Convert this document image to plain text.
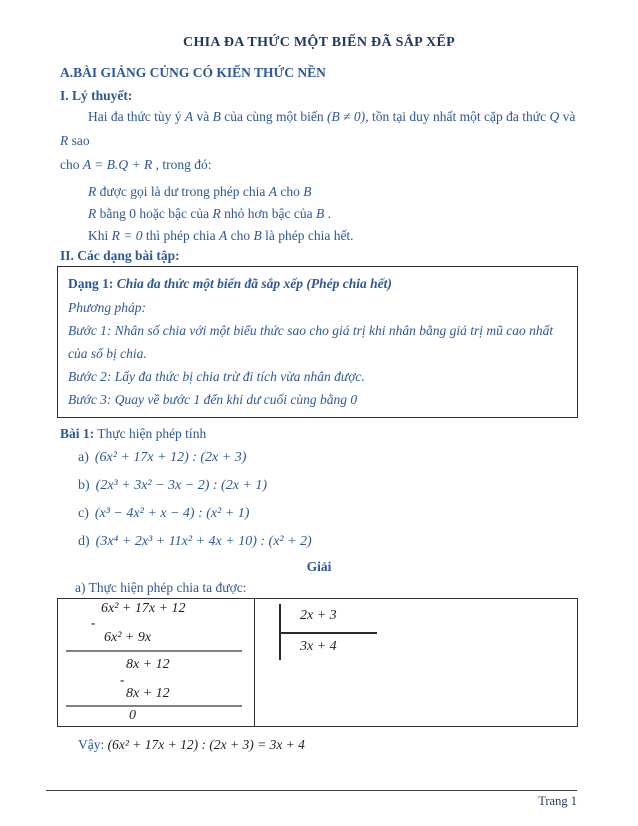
CHIA ĐA THỨC MỘT BIẾN ĐÃ SẮP XẾP
A.BÀI GIẢNG CỦNG CÓ KIẾN THỨC NỀN
I. Lý thuyết:

Hai đa thức tùy ý A và B của cùng một biến (B ≠ 0), tồn tại duy nhất một cặp đa thức Q và R sao

cho A = B.Q + R , trong đó:

R được gọi là dư trong phép chia A cho B

R bằng 0 hoặc bậc của R nhỏ hơn bậc của B .

Khi R = 0 thì phép chia A cho B là phép chia hết.

II. Các dạng bài tập:

Dạng 1: Chia đa thức một biến đã sắp xếp (Phép chia hết)

Phương pháp:

Bước 1: Nhân số chia với một biểu thức sao cho giá trị khi nhân bằng giá trị mũ cao nhất của số bị chia.

Bước 2: Lấy đa thức bị chia trừ đi tích vừa nhân được.

Bước 3: Quay về bước 1 đến khi dư cuối cùng bằng 0

Bài 1: Thực hiện phép tính

a) (6x² + 17x + 12) : (2x + 3)
b) (2x³ + 3x² − 3x − 2) : (2x + 1)
c) (x³ − 4x² + x − 4) : (x² + 1)
d) (3x⁴ + 2x³ + 11x² + 4x + 10) : (x² + 2)

Giải

a) Thực hiện phép chia ta được:

6x² + 17x + 12
-
6x² + 9x
8x + 12
-
8x + 12
0
2x + 3
3x + 4

Vậy: (6x² + 17x + 12) : (2x + 3) = 3x + 4

Trang 1
